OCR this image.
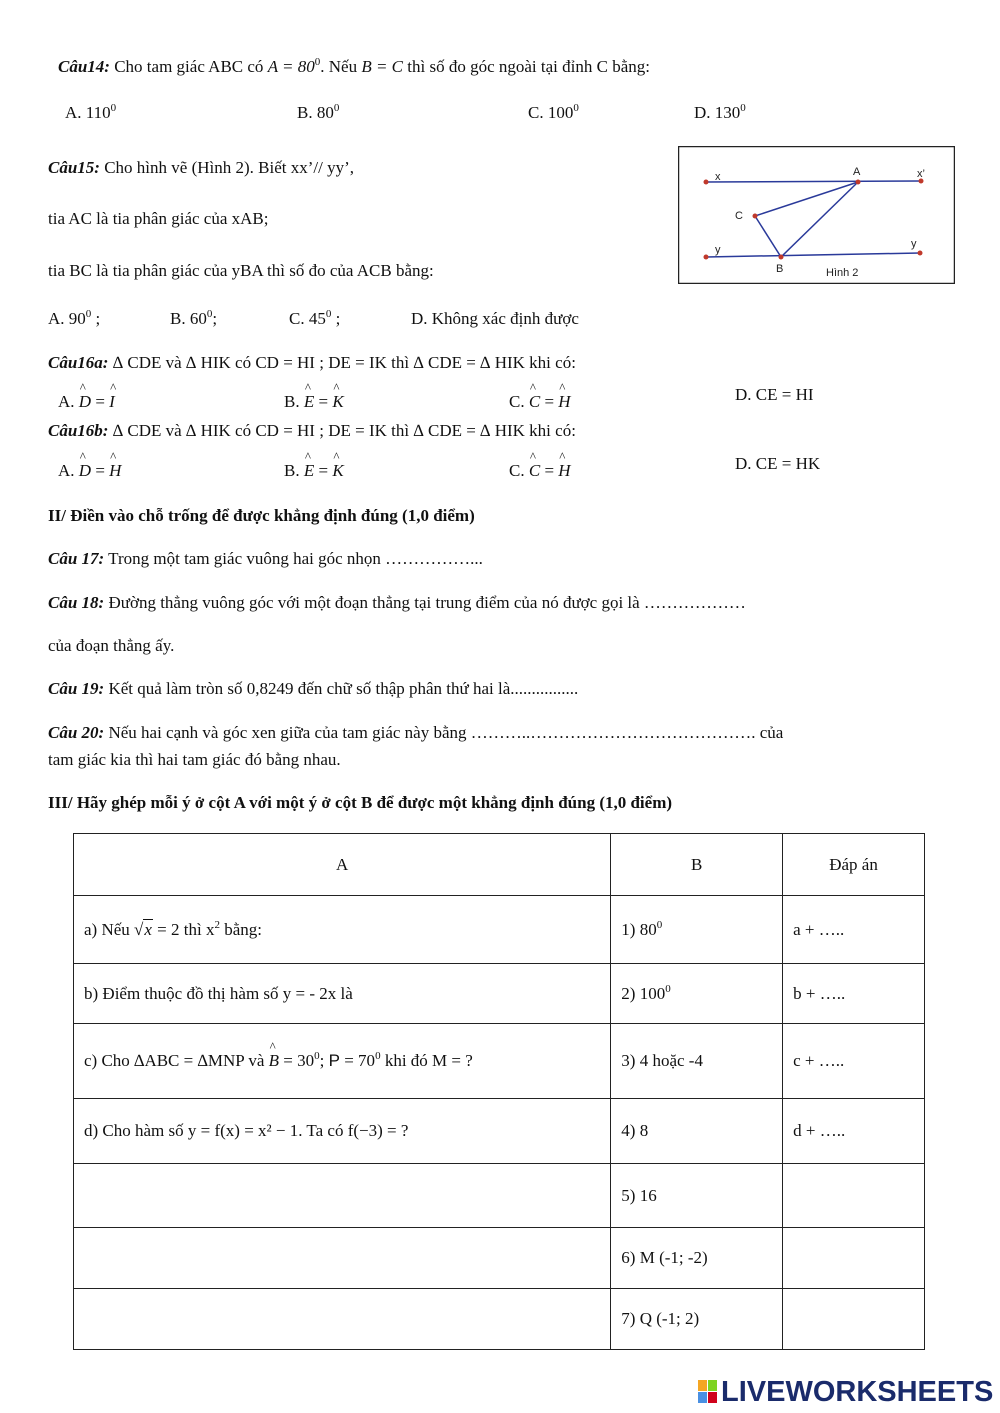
Câu14: Cho tam giác ABC có $A = 80^0$. Nếu B = C thì số đo góc ngoài tại đỉnh C bằng:
A. $110^0$	B. $80^0$	C. $100^0$	D. $130^0$
Câu15: Cho hình vẽ (Hình 2). Biết xx’// yy’,
tia AC là tia phân giác của xAB;
tia BC là tia phân giác của yBA thì số đo của ACB bằng:
x	x’
A
C
y	y
B	Hình 2
A. $90^0$ ;	B. $60^0$;	C. $45^0$ ;	D. Không xác định được
Câu16a: ∆ CDE và ∆ HIK có CD = HI ; DE = IK thì ∆ CDE = ∆ HIK khi có:
A. ^ D = ^ I	B. ^ E = ^ K	C. ^ C = ^ H	D. CE = HI
Câu16b: ∆ CDE và ∆ HIK có CD = HI ; DE = IK thì ∆ CDE = ∆ HIK khi có:
A. ^ D = ^ H	B. ^ E = ^ K	C. ^ C = ^ H	D. CE = HK
II/ Điền vào chỗ trống để được khẳng định đúng (1,0 điểm)
Câu 17: Trong một tam giác vuông hai góc nhọn ……………...
Câu 18: Đường thẳng vuông góc với một đoạn thẳng tại trung điểm của nó được gọi là ………………
của đoạn thẳng ấy.
Câu 19: Kết quả làm tròn số 0,8249 đến chữ số thập phân thứ hai là................
Câu 20: Nếu hai cạnh và góc xen giữa của tam giác này bằng ………..…………………………………. của
tam giác kia thì hai tam giác đó bằng nhau.
III/ Hãy ghép mỗi ý ở cột A với một ý ở cột B để được một khẳng định đúng (1,0 điểm)
A	B	Đáp án
a) Nếu √x = 2 thì $x^2$ bằng:	1) $80^0$	a + …..
b) Điểm thuộc đồ thị hàm số y = - 2x là	2) $100^0$	b + …..
c) Cho ∆ABC = ∆MNP và ^ $B = 30^0$; $P = 70^0$ khi đó M = ?	3) 4 hoặc -4	c + …..
d) Cho hàm số y = f(x) = x² − 1. Ta có f(−3) = ?	4) 8	d + …..
	5) 16	
	6) M (-1; -2)	
	7) Q (-1; 2)	
LIVEWORKSHEETS
